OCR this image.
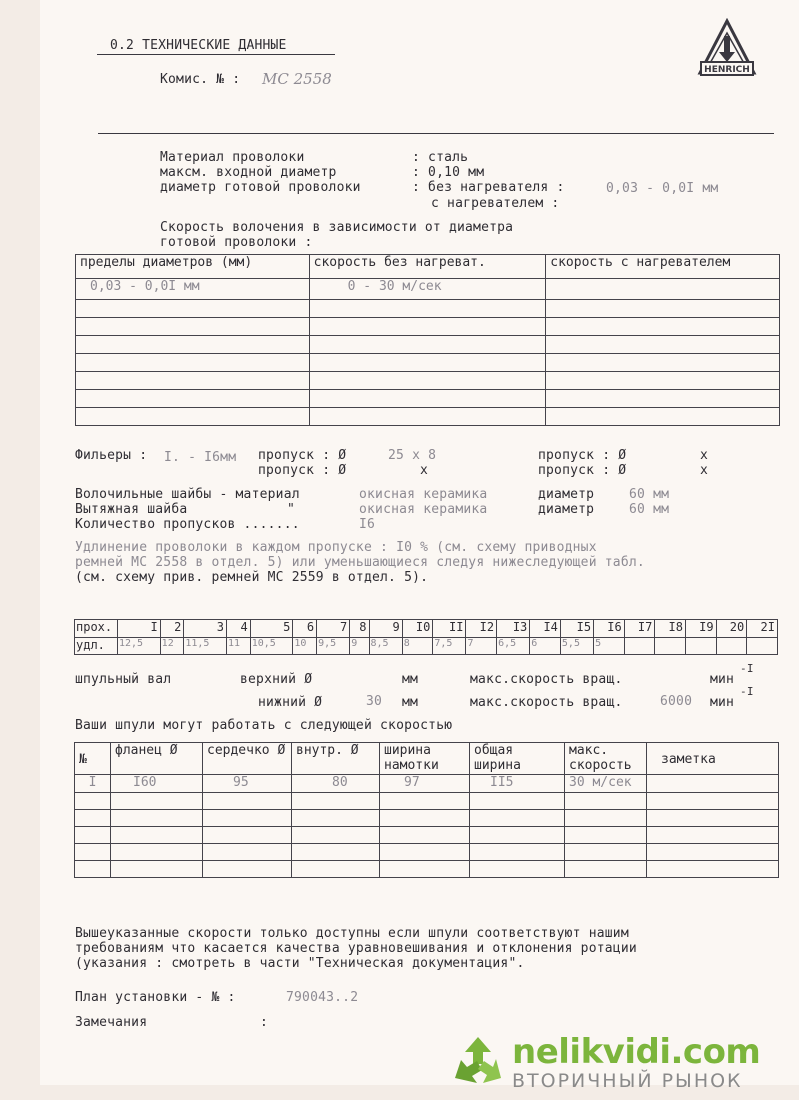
0.2 ТЕХНИЧЕСКИЕ ДАННЫЕ
Комис. № : МС 2558	HENRICH
Материал проволоки	: сталь
максм. входной диаметр	: 0,10 мм
диаметр готовой проволоки	: без нагревателя :	0,03 - 0,0I мм
с нагревателем :
Скорость волочения в зависимости от диаметра
готовой проволоки :
пределы диаметров (мм)	скорость без нагреват.	скорость с нагревателем
0,03 - 0,0I мм	0 - 30 м/сек	

Фильеры : I. - I6мм пропуск : Ø	25 x 8	пропуск : Ø	x
пропуск : Ø	x	пропуск : Ø	x
Волочильные шайбы - материал	окисная керамика	диаметр	60 мм
Вытяжная шайба	"	окисная керамика	диаметр	60 мм
Количество пропусков .......	I6
Удлинение проволоки в каждом пропуске : I0 % (см. схему приводных
ремней МС 2558 в отдел. 5) или уменьшающиеся следуя нижеследующей табл.
(см. схему прив. ремней МС 2559 в отдел. 5).
прох.	I	2	3	4	5	6	7	8	9	I0	II	I2	I3	I4	I5	I6	I7	I8	I9	20	2I
удл.	12,5	12	11,5	11	10,5	10	9,5	9	8,5	8	7,5	7	6,5	6	5,5	5					
шпульный вал	верхний Ø	мм	макс.скорость вращ.	мин
-I
нижний Ø	30 мм	макс.скорость вращ.	6000 мин
-I
Ваши шпули могут работать с следующей скоростью
№	фланец Ø	сердечко Ø	внутр. Ø	ширина намотки	общая ширина	макс. скорость	заметка
I	I60	95	80	97	II5	30 м/сек	

Вышеуказанные скорости только доступны если шпули соответствуют нашим
требованиям что касается качества уравновешивания и отклонения ротации
(указания : смотреть в части "Техническая документация".
План установки - № :	790043..2
Замечания	:
nelikvidi.com
ВТОРИЧНЫЙ РЫНОК
